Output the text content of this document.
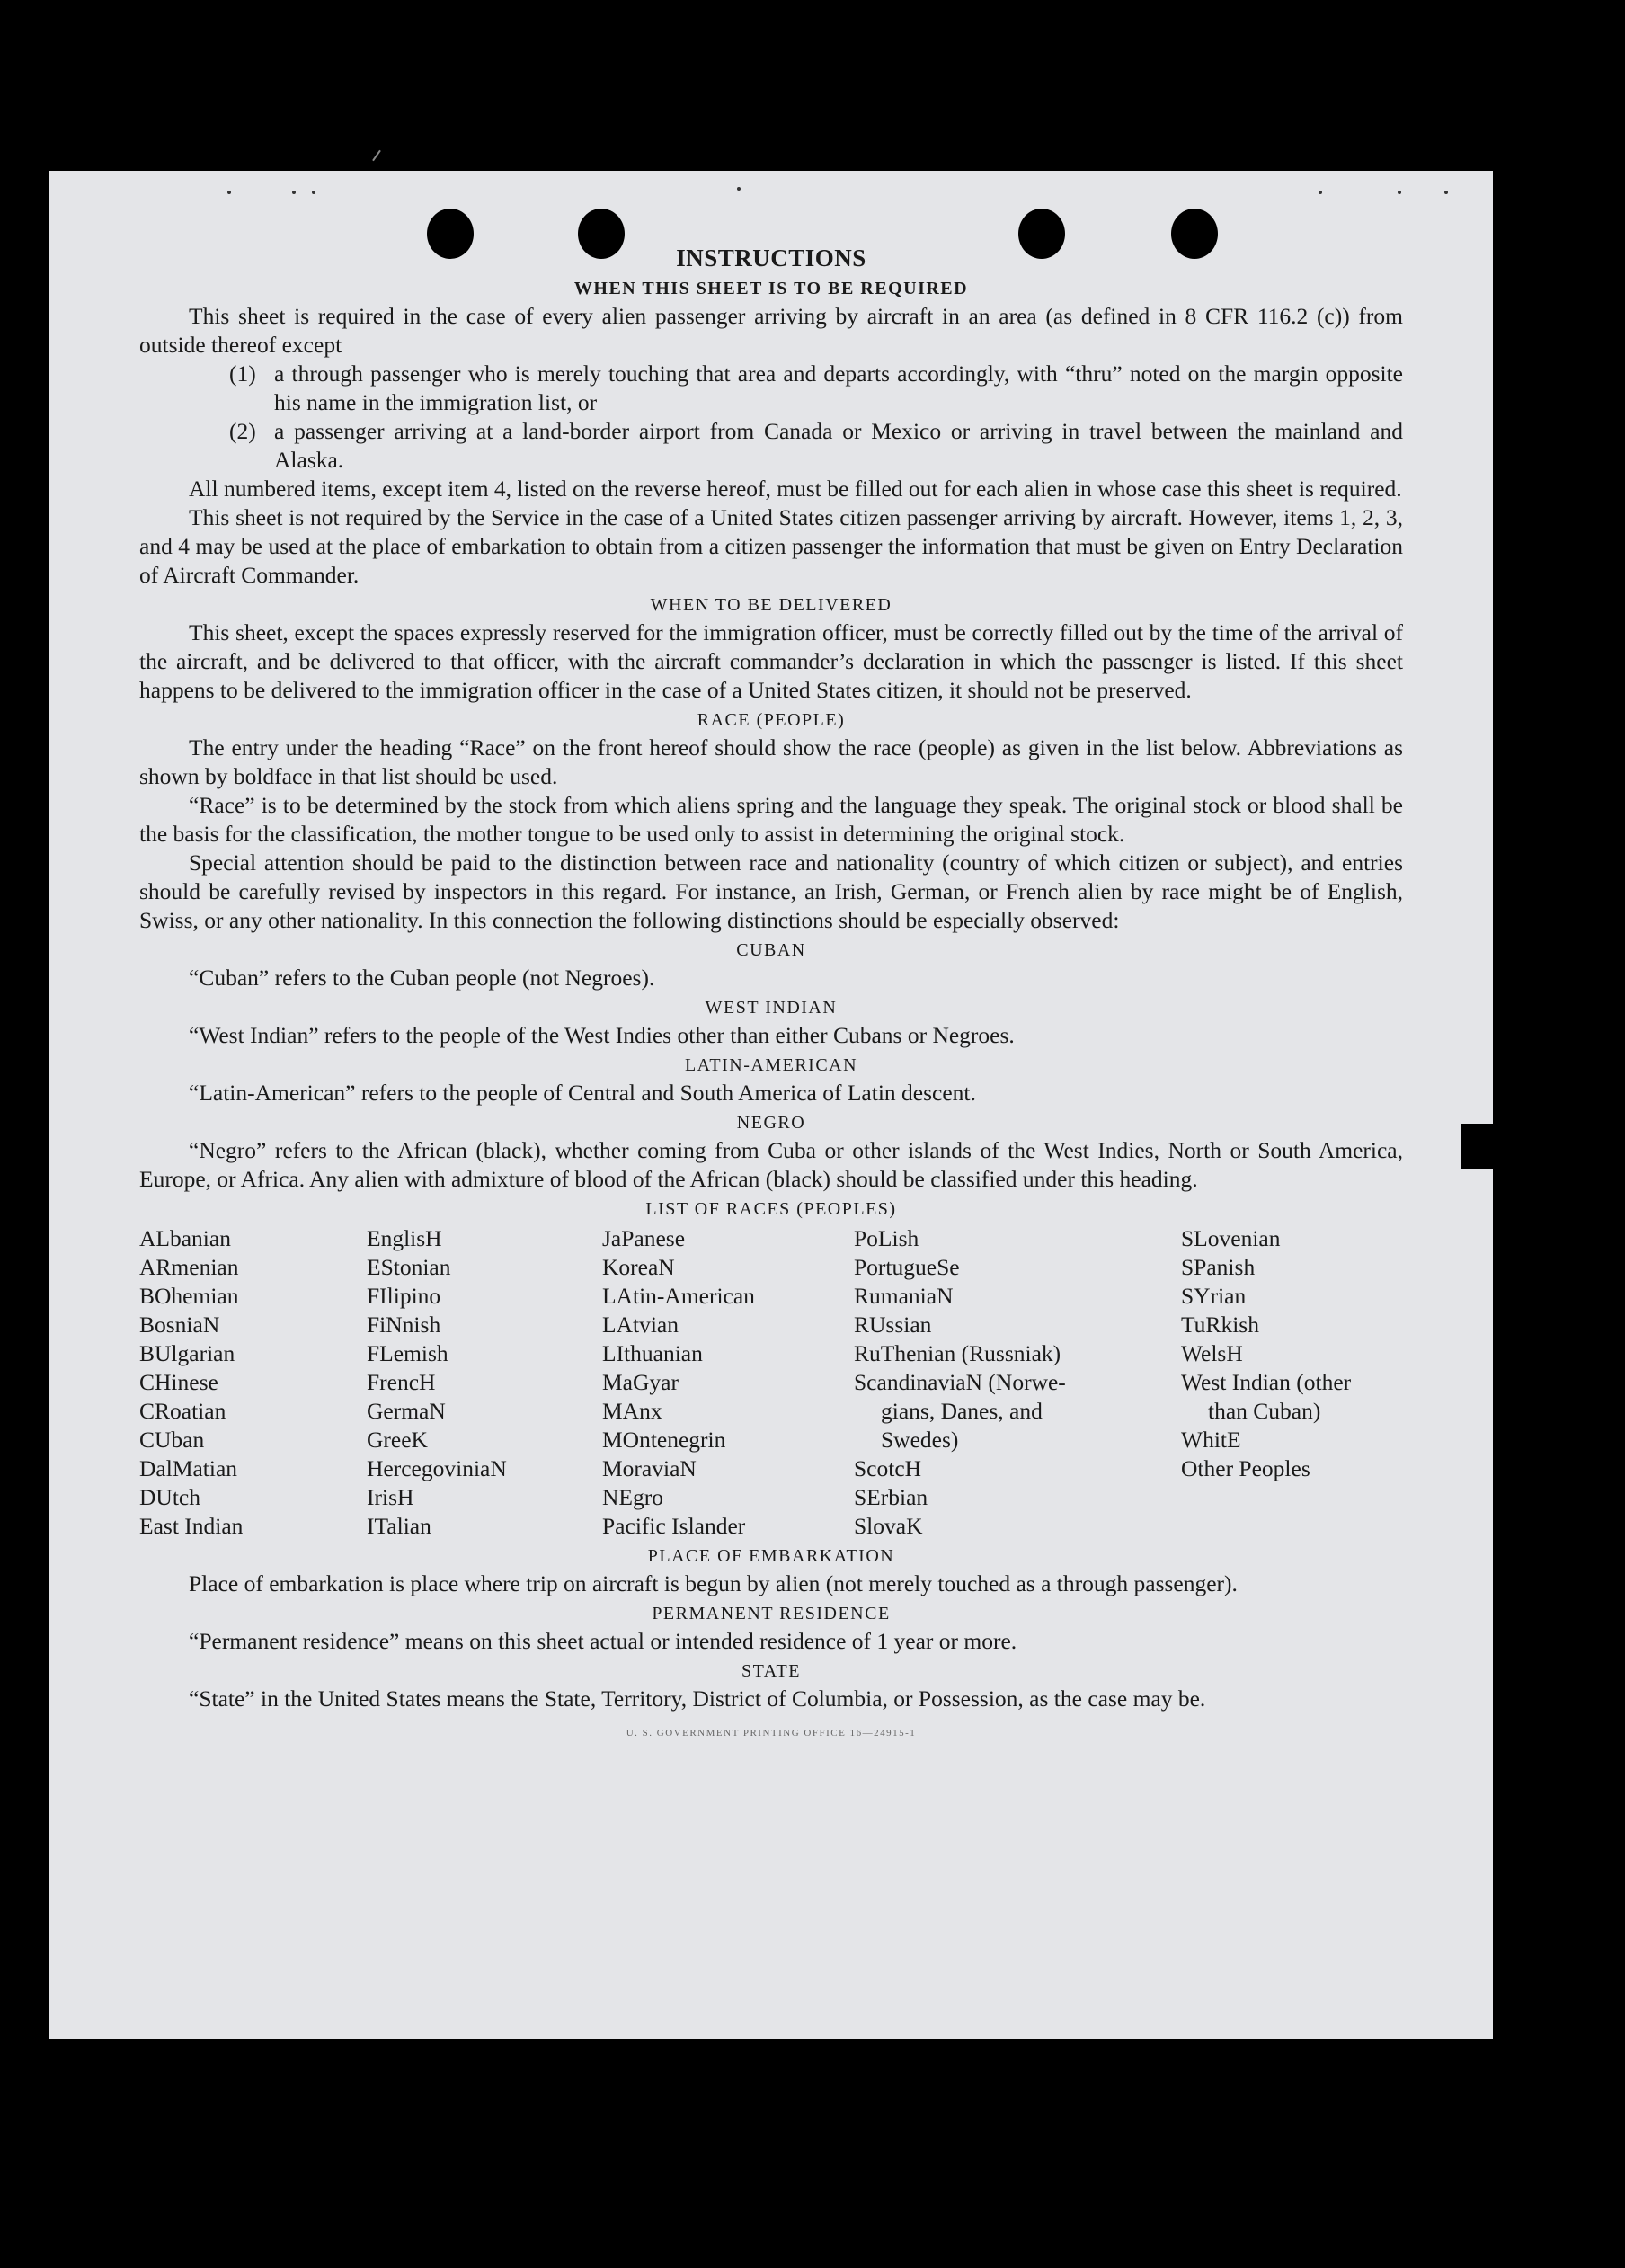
INSTRUCTIONS
WHEN THIS SHEET IS TO BE REQUIRED

This sheet is required in the case of every alien passenger arriving by aircraft in an area (as defined in 8 CFR 116.2 (c)) from outside thereof except

(1) a through passenger who is merely touching that area and departs accordingly, with “thru” noted on the margin opposite his name in the immigration list, or
(2) a passenger arriving at a land-border airport from Canada or Mexico or arriving in travel between the mainland and Alaska.

All numbered items, except item 4, listed on the reverse hereof, must be filled out for each alien in whose case this sheet is required.

This sheet is not required by the Service in the case of a United States citizen passenger arriving by aircraft. However, items 1, 2, 3, and 4 may be used at the place of embarkation to obtain from a citizen passenger the information that must be given on Entry Declaration of Aircraft Commander.

WHEN TO BE DELIVERED

This sheet, except the spaces expressly reserved for the immigration officer, must be correctly filled out by the time of the arrival of the aircraft, and be delivered to that officer, with the aircraft commander’s declaration in which the passenger is listed. If this sheet happens to be delivered to the immigration officer in the case of a United States citizen, it should not be preserved.

RACE (PEOPLE)

The entry under the heading “Race” on the front hereof should show the race (people) as given in the list below. Abbreviations as shown by boldface in that list should be used.

“Race” is to be determined by the stock from which aliens spring and the language they speak. The original stock or blood shall be the basis for the classification, the mother tongue to be used only to assist in determining the original stock.

Special attention should be paid to the distinction between race and nationality (country of which citizen or subject), and entries should be carefully revised by inspectors in this regard. For instance, an Irish, German, or French alien by race might be of English, Swiss, or any other nationality. In this connection the following distinctions should be especially observed:

CUBAN

“Cuban” refers to the Cuban people (not Negroes).

WEST INDIAN

“West Indian” refers to the people of the West Indies other than either Cubans or Negroes.

LATIN-AMERICAN

“Latin-American” refers to the people of Central and South America of Latin descent.

NEGRO

“Negro” refers to the African (black), whether coming from Cuba or other islands of the West Indies, North or South America, Europe, or Africa. Any alien with admixture of blood of the African (black) should be classified under this heading.

LIST OF RACES (PEOPLES)
ALbanian
ARmenian
BOhemian
BosniaN
BUlgarian
CHinese
CRoatian
CUban
DalMatian
DUtch
East Indian
EnglisH
EStonian
FIlipino
FiNnish
FLemish
FrencH
GermaN
GreeK
HercegovinіaN
IrisH
ITalian
JaPanese
KoreaN
LAtin-American
LAtvian
LIthuanian
MaGyar
MAnx
MOntenegrin
MoraviaN
NEgro
Pacific Islander
PoLish
PortugueSe
RumaniaN
RUssian
RuThenian (Russniak)
ScandinaviaN (Norwe-
gians, Danes, and
Swedes)
ScotcH
SErbian
SlovaK
SLovenian
SPanish
SYrian
TuRkish
WelsH
West Indian (other
than Cuban)
WhitE
Other Peoples
PLACE OF EMBARKATION

Place of embarkation is place where trip on aircraft is begun by alien (not merely touched as a through passenger).

PERMANENT RESIDENCE

“Permanent residence” means on this sheet actual or intended residence of 1 year or more.

STATE

“State” in the United States means the State, Territory, District of Columbia, or Possession, as the case may be.

U. S. GOVERNMENT PRINTING OFFICE 16—24915-1
